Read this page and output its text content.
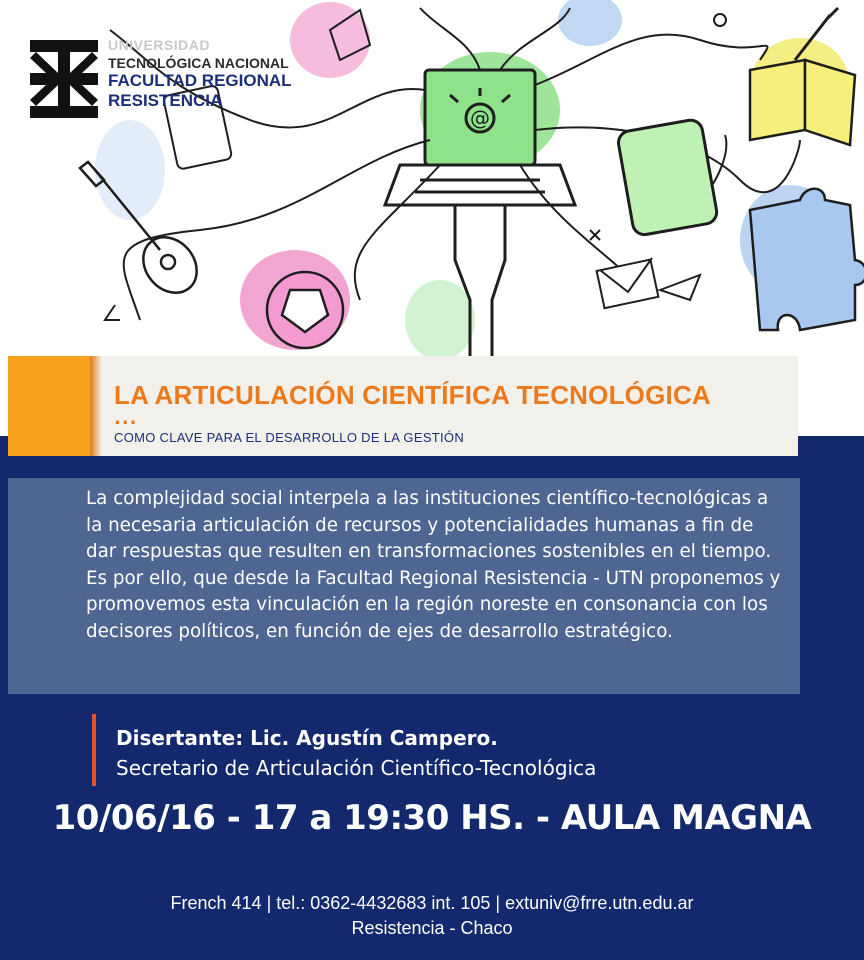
@
UNIVERSIDAD
TECNOLÓGICA NACIONAL
FACULTAD REGIONAL
RESISTENCIA
LA ARTICULACIÓN CIENTÍFICA TECNOLÓGICA
...
COMO CLAVE PARA EL DESARROLLO DE LA GESTIÓN
La complejidad social interpela a las instituciones científico-tecnológicas a la necesaria articulación de recursos y potencialidades humanas a fin de dar respuestas que resulten en transformaciones sostenibles en el tiempo. Es por ello, que desde la Facultad Regional Resistencia - UTN proponemos y promovemos esta vinculación en la región noreste en consonancia con los decisores políticos, en función de ejes de desarrollo estratégico.
Disertante: Lic. Agustín Campero.
Secretario de Articulación Científico-Tecnológica
10/06/16 - 17 a 19:30 HS. - AULA MAGNA
French 414 | tel.: 0362-4432683 int. 105 | extuniv@frre.utn.edu.ar
Resistencia - Chaco
